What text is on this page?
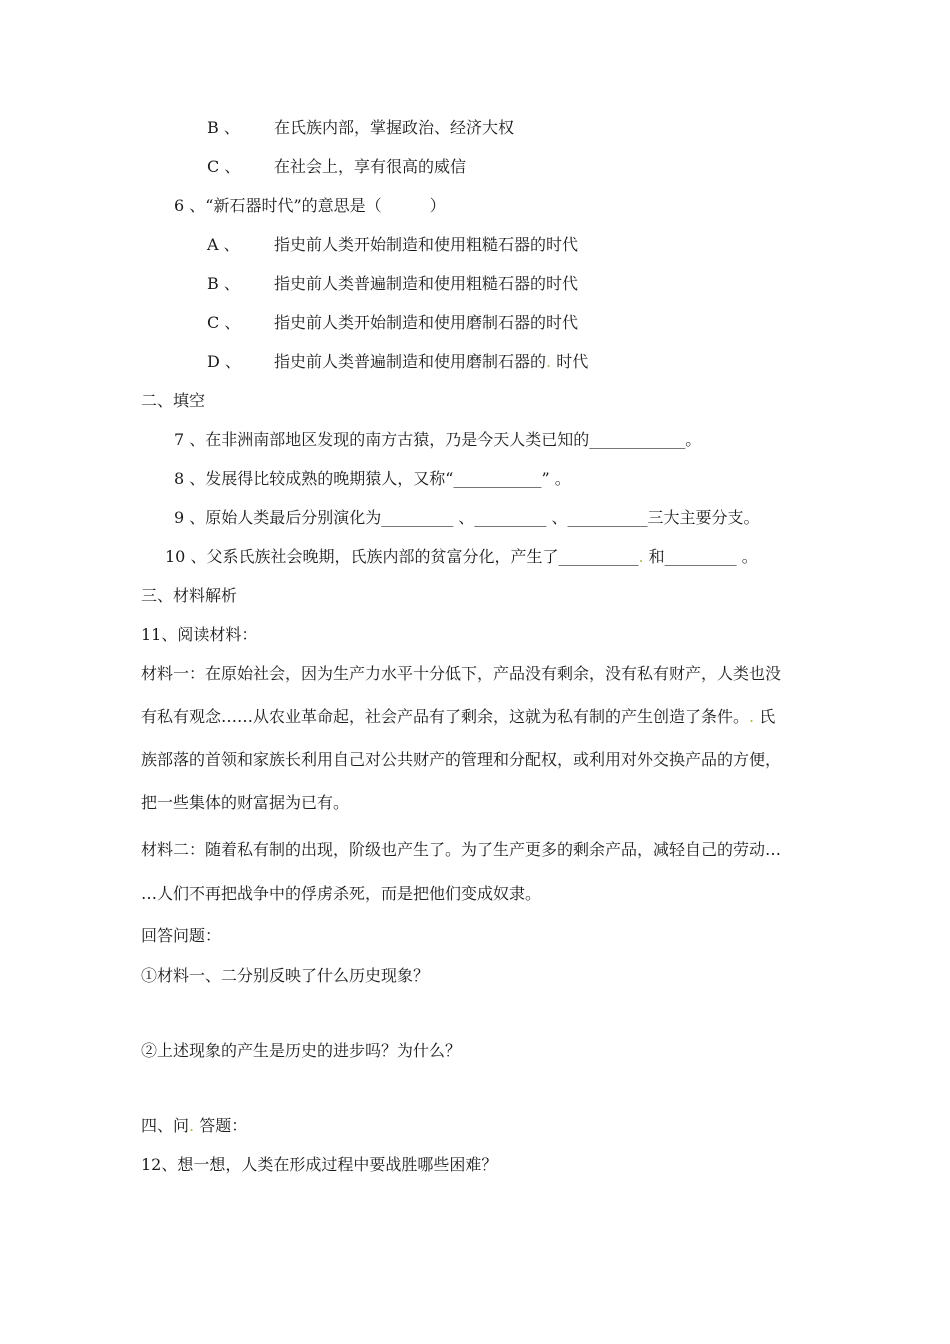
B 、 在氏族内部，掌握政治、经济大权
C 、 在社会上，享有很高的威信
6 、“新石器时代”的意思是（　　　）
A 、 指史前人类开始制造和使用粗糙石器的时代
B 、 指史前人类普遍制造和使用粗糙石器的时代
C 、 指史前人类开始制造和使用磨制石器的时代
D 、 指史前人类普遍制造和使用磨制石器的. 时代
二、填空
7 、在非洲南部地区发现的南方古猿，乃是今天人类已知的____________。
8 、发展得比较成熟的晚期猿人，又称“___________” 。
9 、原始人类最后分别演化为_________ 、_________ 、__________三大主要分支。
10 、父系氏族社会晚期，氏族内部的贫富分化，产生了__________. 和_________ 。
三、材料解析
11、阅读材料：
材料一：在原始社会，因为生产力水平十分低下，产品没有剩余，没有私有财产，人类也没
有私有观念……从农业革命起，社会产品有了剩余，这就为私有制的产生创造了条件。. 氏
族部落的首领和家族长利用自己对公共财产的管理和分配权，或利用对外交换产品的方便，
把一些集体的财富据为已有。
材料二：随着私有制的出现，阶级也产生了。为了生产更多的剩余产品，减轻自己的劳动…
…人们不再把战争中的俘虏杀死，而是把他们变成奴隶。
回答问题：
①材料一、二分别反映了什么历史现象？
②上述现象的产生是历史的进步吗？为什么？
四、问. 答题：
12、想一想，人类在形成过程中要战胜哪些困难？
